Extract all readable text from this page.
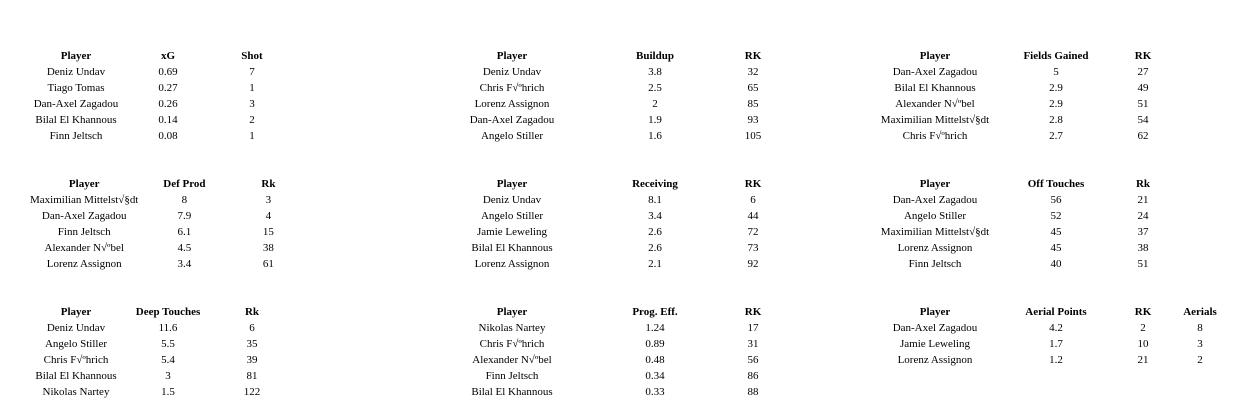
Player	xG	Shot
Deniz Undav	0.69	7
Tiago Tomas	0.27	1
Dan-Axel Zagadou	0.26	3
Bilal El Khannous	0.14	2
Finn Jeltsch	0.08	1
Player	Buildup	RK
Deniz Undav	3.8	32
Chris F√ºhrich	2.5	65
Lorenz Assignon	2	85
Dan-Axel Zagadou	1.9	93
Angelo Stiller	1.6	105
Player	Fields Gained	RK
Dan-Axel Zagadou	5	27
Bilal El Khannous	2.9	49
Alexander N√ºbel	2.9	51
Maximilian Mittelst√§dt	2.8	54
Chris F√ºhrich	2.7	62
Player	Def Prod	Rk
Maximilian Mittelst√§dt	8	3
Dan-Axel Zagadou	7.9	4
Finn Jeltsch	6.1	15
Alexander N√ºbel	4.5	38
Lorenz Assignon	3.4	61
Player	Receiving	RK
Deniz Undav	8.1	6
Angelo Stiller	3.4	44
Jamie Leweling	2.6	72
Bilal El Khannous	2.6	73
Lorenz Assignon	2.1	92
Player	Off Touches	Rk
Dan-Axel Zagadou	56	21
Angelo Stiller	52	24
Maximilian Mittelst√§dt	45	37
Lorenz Assignon	45	38
Finn Jeltsch	40	51
Player	Deep Touches	Rk
Deniz Undav	11.6	6
Angelo Stiller	5.5	35
Chris F√ºhrich	5.4	39
Bilal El Khannous	3	81
Nikolas Nartey	1.5	122
Player	Prog. Eff.	RK
Nikolas Nartey	1.24	17
Chris F√ºhrich	0.89	31
Alexander N√ºbel	0.48	56
Finn Jeltsch	0.34	86
Bilal El Khannous	0.33	88
Player	Aerial Points	RK	Aerials
Dan-Axel Zagadou	4.2	2	8
Jamie Leweling	1.7	10	3
Lorenz Assignon	1.2	21	2
